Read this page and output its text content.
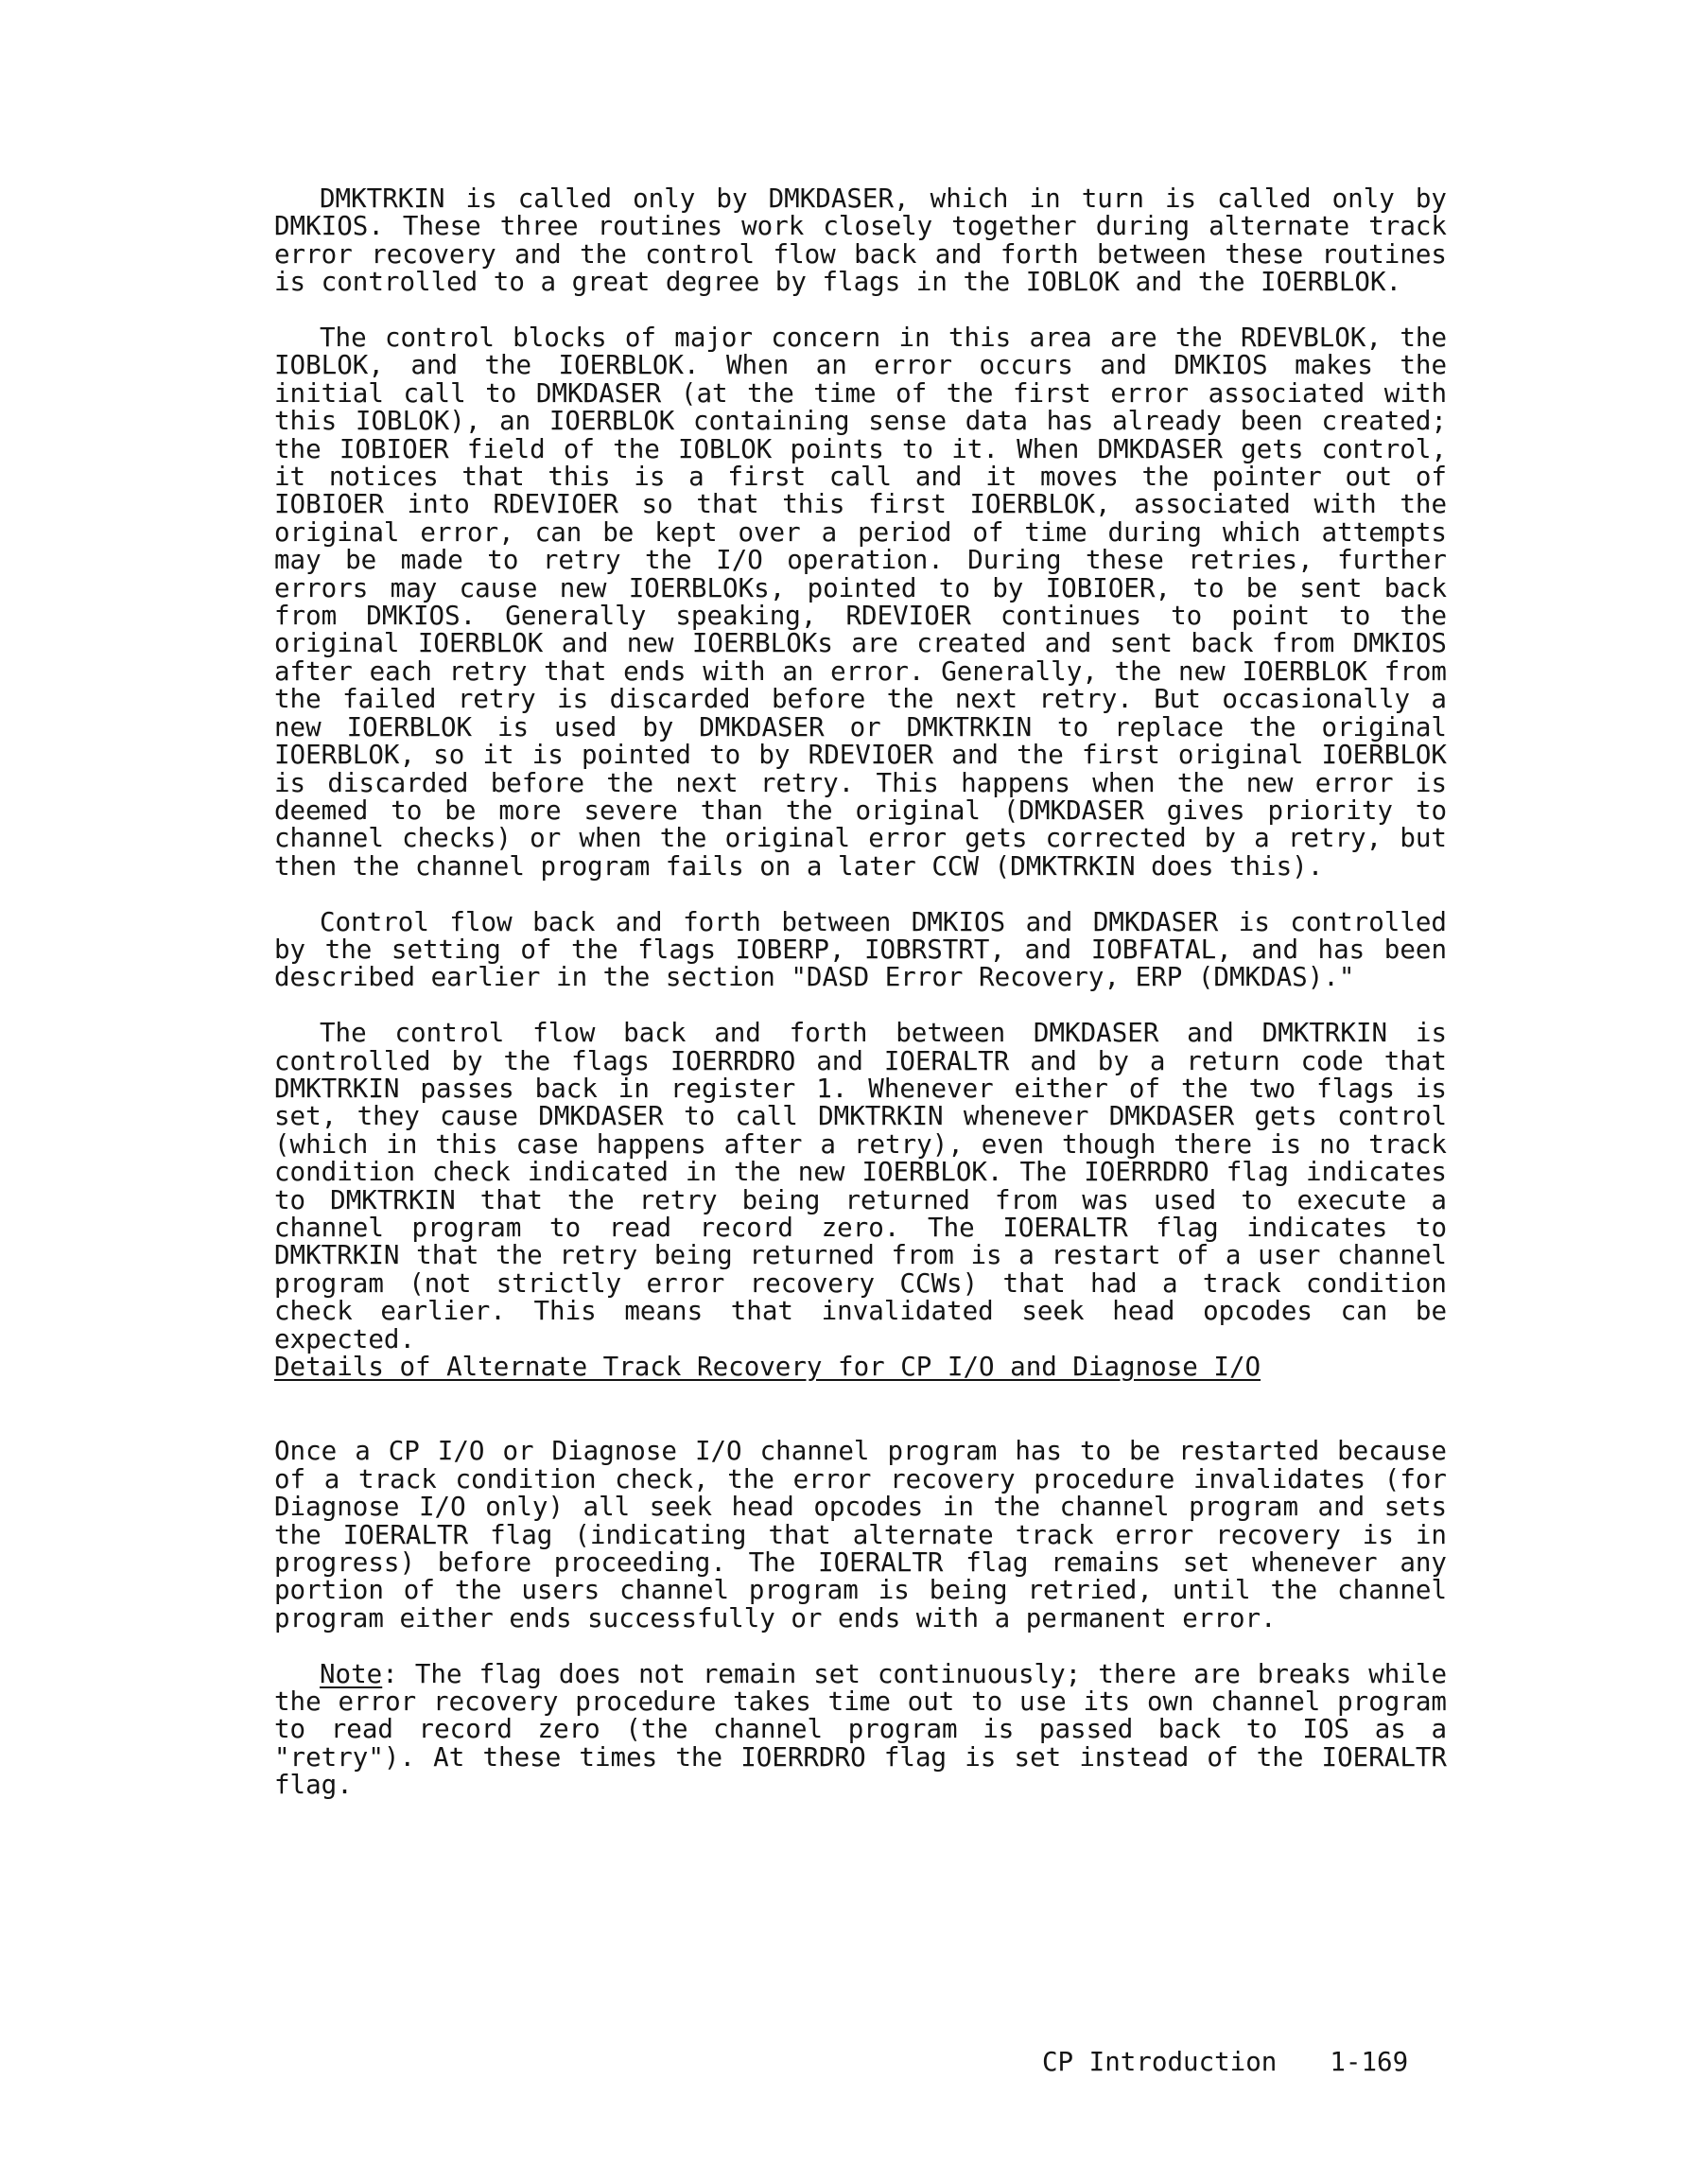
DMKTRKIN is called only by DMKDASER, which in turn is called only by DMKIOS. These three routines work closely together during alternate track error recovery and the control flow back and forth between these routines is controlled to a great degree by flags in the IOBLOK and the IOERBLOK.

The control blocks of major concern in this area are the RDEVBLOK, the IOBLOK, and the IOERBLOK. When an error occurs and DMKIOS makes the initial call to DMKDASER (at the time of the first error associated with this IOBLOK), an IOERBLOK containing sense data has already been created; the IOBIOER field of the IOBLOK points to it. When DMKDASER gets control, it notices that this is a first call and it moves the pointer out of IOBIOER into RDEVIOER so that this first IOERBLOK, associated with the original error, can be kept over a period of time during which attempts may be made to retry the I/O operation. During these retries, further errors may cause new IOERBLOKs, pointed to by IOBIOER, to be sent back from DMKIOS. Generally speaking, RDEVIOER continues to point to the original IOERBLOK and new IOERBLOKs are created and sent back from DMKIOS after each retry that ends with an error. Generally, the new IOERBLOK from the failed retry is discarded before the next retry. But occasionally a new IOERBLOK is used by DMKDASER or DMKTRKIN to replace the original IOERBLOK, so it is pointed to by RDEVIOER and the first original IOERBLOK is discarded before the next retry. This happens when the new error is deemed to be more severe than the original (DMKDASER gives priority to channel checks) or when the original error gets corrected by a retry, but then the channel program fails on a later CCW (DMKTRKIN does this).

Control flow back and forth between DMKIOS and DMKDASER is controlled by the setting of the flags IOBERP, IOBRSTRT, and IOBFATAL, and has been described earlier in the section "DASD Error Recovery, ERP (DMKDAS)."

The control flow back and forth between DMKDASER and DMKTRKIN is controlled by the flags IOERRDRO and IOERALTR and by a return code that DMKTRKIN passes back in register 1. Whenever either of the two flags is set, they cause DMKDASER to call DMKTRKIN whenever DMKDASER gets control (which in this case happens after a retry), even though there is no track condition check indicated in the new IOERBLOK. The IOERRDRO flag indicates to DMKTRKIN that the retry being returned from was used to execute a channel program to read record zero. The IOERALTR flag indicates to DMKTRKIN that the retry being returned from is a restart of a user channel program (not strictly error recovery CCWs) that had a track condition check earlier. This means that invalidated seek head opcodes can be expected.

Details of Alternate Track Recovery for CP I/O and Diagnose I/O

Once a CP I/O or Diagnose I/O channel program has to be restarted because of a track condition check, the error recovery procedure invalidates (for Diagnose I/O only) all seek head opcodes in the channel program and sets the IOERALTR flag (indicating that alternate track error recovery is in progress) before proceeding. The IOERALTR flag remains set whenever any portion of the users channel program is being retried, until the channel program either ends successfully or ends with a permanent error.

Note: The flag does not remain set continuously; there are breaks while the error recovery procedure takes time out to use its own channel program to read record zero (the channel program is passed back to IOS as a "retry"). At these times the IOERRDRO flag is set instead of the IOERALTR flag.

CP Introduction 1-169
